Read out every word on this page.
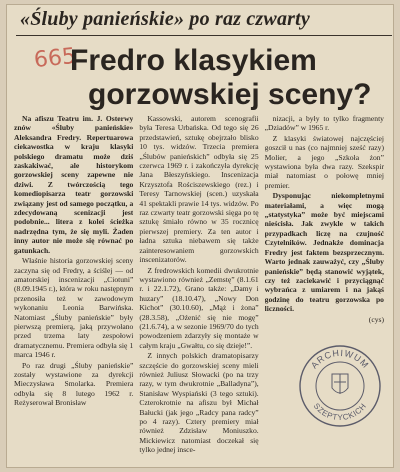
«Śluby panieńskie» po raz czwarty
665
Fredro klasykiem
gorzowskiej sceny?

Na afiszu Teatru im. J. Osterwy znów «Śluby panieńskie» Aleksandra Fredry. Repertuarowa ciekawostka w kraju klasyki polskiego dramatu może dziś zaskakiwać, ale historykom gorzowskiej sceny zapewne nie dziwi. Z twórczością tego komediopisarza teatr gorzowski związany jest od samego początku, a zdecydowaną scenizacji jest podobnie... litera z kolei ścieżka nadrzędna tym, że się myli. Żaden inny autor nie może się równać po gatunkach.

Właśnie historia gorzowskiej sceny zaczyna się od Fredry, a ściślej — od amatorskiej inscenizacji „Ciotuni” (8.09.1945 r.), która w roku następnym przenosiła też w zawodowym wykonaniu Leonia Barwińska. Natomiast „Śluby panieńskie” były pierwszą premierą, jaką przywołano przed trzema laty zespołowi dramatycznemu. Premiera odbyła się 1 marca 1946 r.

Po raz drugi „Śluby panieńskie” zostały wystawione za dyrekcji Mieczysława Smolarka. Premiera odbyła się 8 lutego 1962 r. Reżyserował Bronisław

Kassowski, autorem scenografii była Teresa Urbańska. Od tego się 26 przedstawień, sztukę obejrzało blisko 10 tys. widzów. Trzecia premiera „Ślubów panieńskich” odbyła się 25 czerwca 1969 r. i zakończyła dyrekcję Jana Błeszyńskiego. Inscenizacja Krzysztofa Rościszewskiego (rez.) i Teresy Tarnowskiej (scen.) uzyskała 41 spektakli prawie 14 tys. widzów. Po raz czwarty teatr gorzowski sięga po tę sztukę śmiało równo w 35 rocznicę pierwszej premiery. Za ten autor i ładna sztuka niebawem się także zainteresowaniem gorzowskich inscenizatorów.

Z fredrowskich komedii dwukrotnie wystawiono również „Zemstę” (8.1.61 r. i 22.1.72), Grano także: „Damy i huzary” (18.10.47), „Nowy Don Kichot” (30.10.60), „Mąż i żona” (28.3.58), „Oźenić się nie mogę” (21.6.74), a w sezonie 1969/70 do tych powodzeniem zdarzyły się montaże w całym kraju „Gwałtu, co się dzieje!”.

Z innych polskich dramatopisarzy szczęście do gorzowskiej sceny mieli również Juliusz Słowacki (po na trzy razy, w tym dwukrotnie „Balladyna”), Stanisław Wyspiański (3 tego sztuki). Czterokrotnie na afiszu był Michał Bałucki (jak jego „Radcy pana radcy” po 4 razy). Cztery premiery miał również Zdzisław Moniuszko. Mickiewicz natomiast doczekał się tylko jednej insce-

nizacji, a były to tylko fragmenty „Dziadów” w 1965 r.

Z klasyki światowej najczęściej goszcił u nas (co najmniej sześć razy) Molier, a jego „Szkoła żon” wystawiona była dwa razy. Szekspir miał natomiast o połowę mniej premier.

Dysponując niekompletnymi materiałami, a więc mogą „statystyka” może być miejscami nieścisła. Jak zwykle w takich przypadkach liczę na czujność Czytelników. Jednakże dominacja Fredry jest faktem bezsprzecznym. Warto jednak zauważyć, czy „Śluby panieńskie” będą stanowić wyjątek, czy też zaciekawić i przyciągnąć wybrańca z umiarem i na jakąś godzinę do teatru gorzowska po liczności.

(cys)

ARCHIWUM
SZEPTYCKICH
